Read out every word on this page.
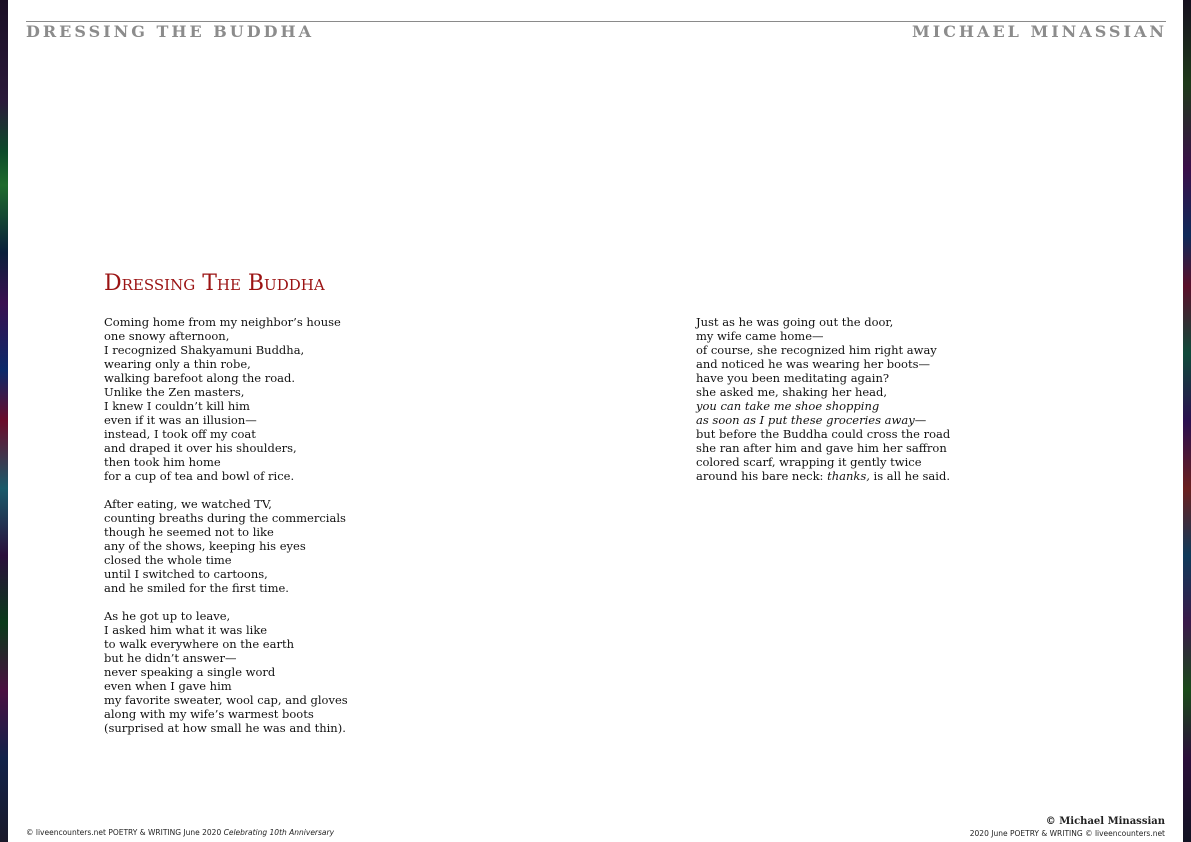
DRESSING THE BUDDHA	MICHAEL MINASSIAN
Dressing The Buddha
Coming home from my neighbor’s house
one snowy afternoon,
I recognized Shakyamuni Buddha,
wearing only a thin robe,
walking barefoot along the road.
Unlike the Zen masters,
I knew I couldn’t kill him
even if it was an illusion—
instead, I took off my coat
and draped it over his shoulders,
then took him home
for a cup of tea and bowl of rice.
After eating, we watched TV,
counting breaths during the commercials
though he seemed not to like
any of the shows, keeping his eyes
closed the whole time
until I switched to cartoons,
and he smiled for the first time.
As he got up to leave,
I asked him what it was like
to walk everywhere on the earth
but he didn’t answer—
never speaking a single word
even when I gave him
my favorite sweater, wool cap, and gloves
along with my wife’s warmest boots
(surprised at how small he was and thin).
Just as he was going out the door,
my wife came home—
of course, she recognized him right away
and noticed he was wearing her boots—
have you been meditating again?
she asked me, shaking her head,
you can take me shoe shopping
as soon as I put these groceries away—
but before the Buddha could cross the road
she ran after him and gave him her saffron
colored scarf, wrapping it gently twice
around his bare neck: thanks, is all he said.
© liveencounters.net POETRY & WRITING June 2020 Celebrating 10th Anniversary
© Michael Minassian
2020 June POETRY & WRITING © liveencounters.net
